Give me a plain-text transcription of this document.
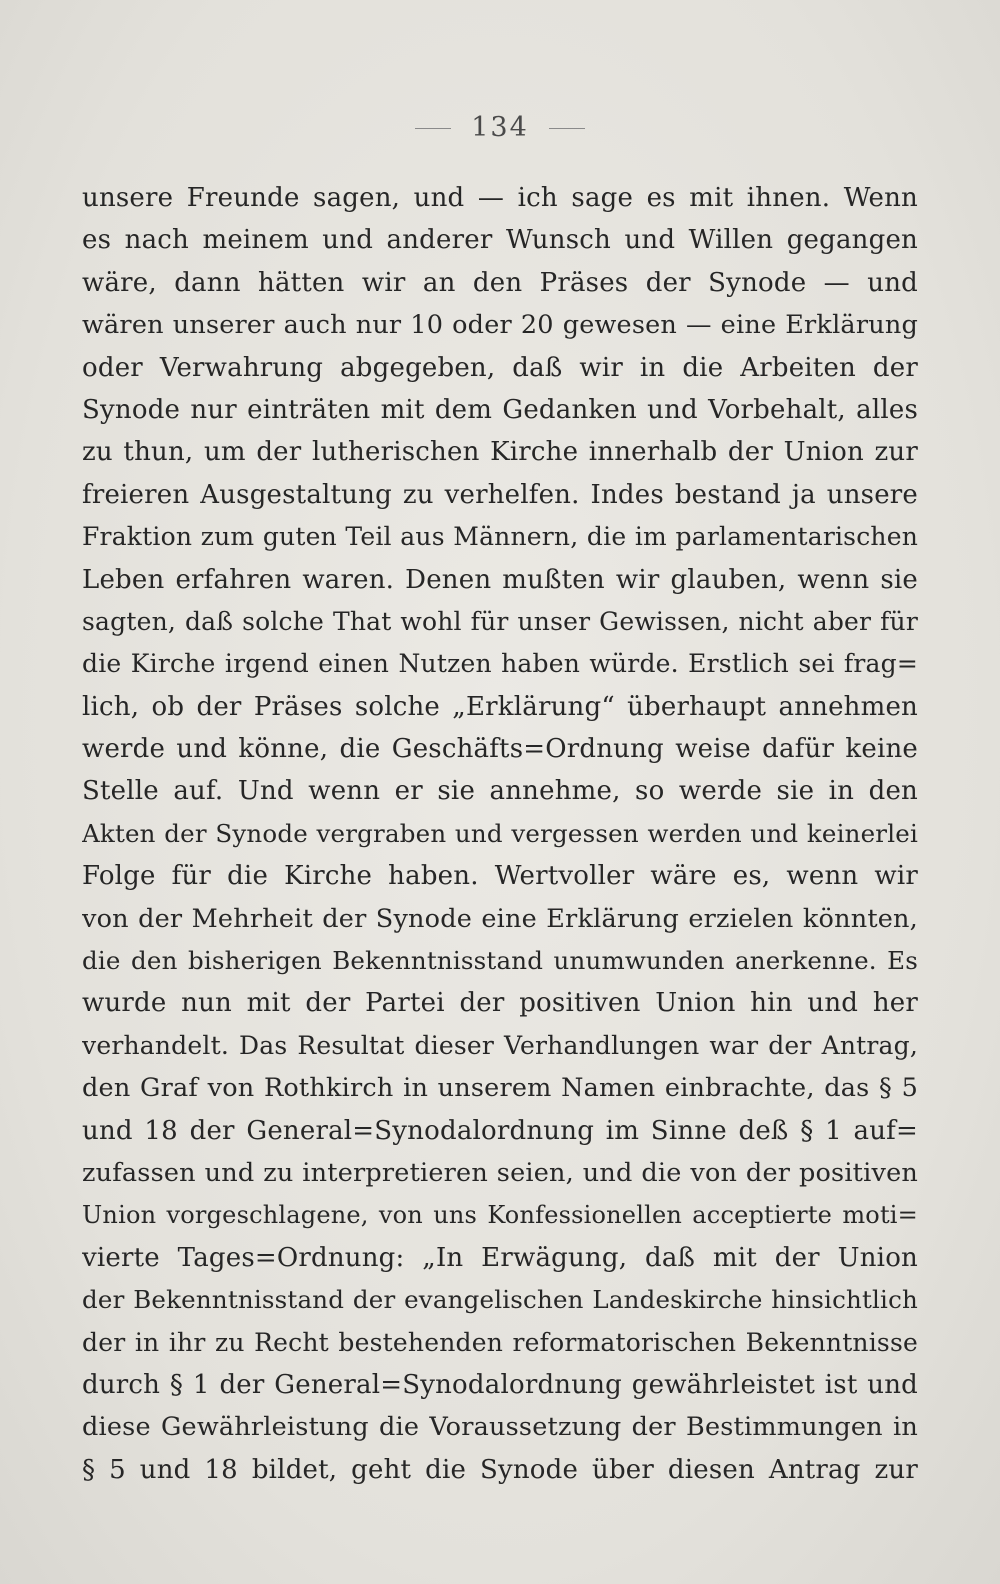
134
unsere Freunde sagen, und — ich sage es mit ihnen. Wenn
es nach meinem und anderer Wunsch und Willen gegangen
wäre, dann hätten wir an den Präses der Synode — und
wären unserer auch nur 10 oder 20 gewesen — eine Erklärung
oder Verwahrung abgegeben, daß wir in die Arbeiten der
Synode nur einträten mit dem Gedanken und Vorbehalt, alles
zu thun, um der lutherischen Kirche innerhalb der Union zur
freieren Ausgestaltung zu verhelfen. Indes bestand ja unsere
Fraktion zum guten Teil aus Männern, die im parlamentarischen
Leben erfahren waren. Denen mußten wir glauben, wenn sie
sagten, daß solche That wohl für unser Gewissen, nicht aber für
die Kirche irgend einen Nutzen haben würde. Erstlich sei frag=
lich, ob der Präses solche „Erklärung“ überhaupt annehmen
werde und könne, die Geschäfts=Ordnung weise dafür keine
Stelle auf. Und wenn er sie annehme, so werde sie in den
Akten der Synode vergraben und vergessen werden und keinerlei
Folge für die Kirche haben. Wertvoller wäre es, wenn wir
von der Mehrheit der Synode eine Erklärung erzielen könnten,
die den bisherigen Bekenntnisstand unumwunden anerkenne. Es
wurde nun mit der Partei der positiven Union hin und her
verhandelt. Das Resultat dieser Verhandlungen war der Antrag,
den Graf von Rothkirch in unserem Namen einbrachte, das § 5
und 18 der General=Synodalordnung im Sinne deß § 1 auf=
zufassen und zu interpretieren seien, und die von der positiven
Union vorgeschlagene, von uns Konfessionellen acceptierte moti=
vierte Tages=Ordnung: „In Erwägung, daß mit der Union
der Bekenntnisstand der evangelischen Landeskirche hinsichtlich
der in ihr zu Recht bestehenden reformatorischen Bekenntnisse
durch § 1 der General=Synodalordnung gewährleistet ist und
diese Gewährleistung die Voraussetzung der Bestimmungen in
§ 5 und 18 bildet, geht die Synode über diesen Antrag zur
